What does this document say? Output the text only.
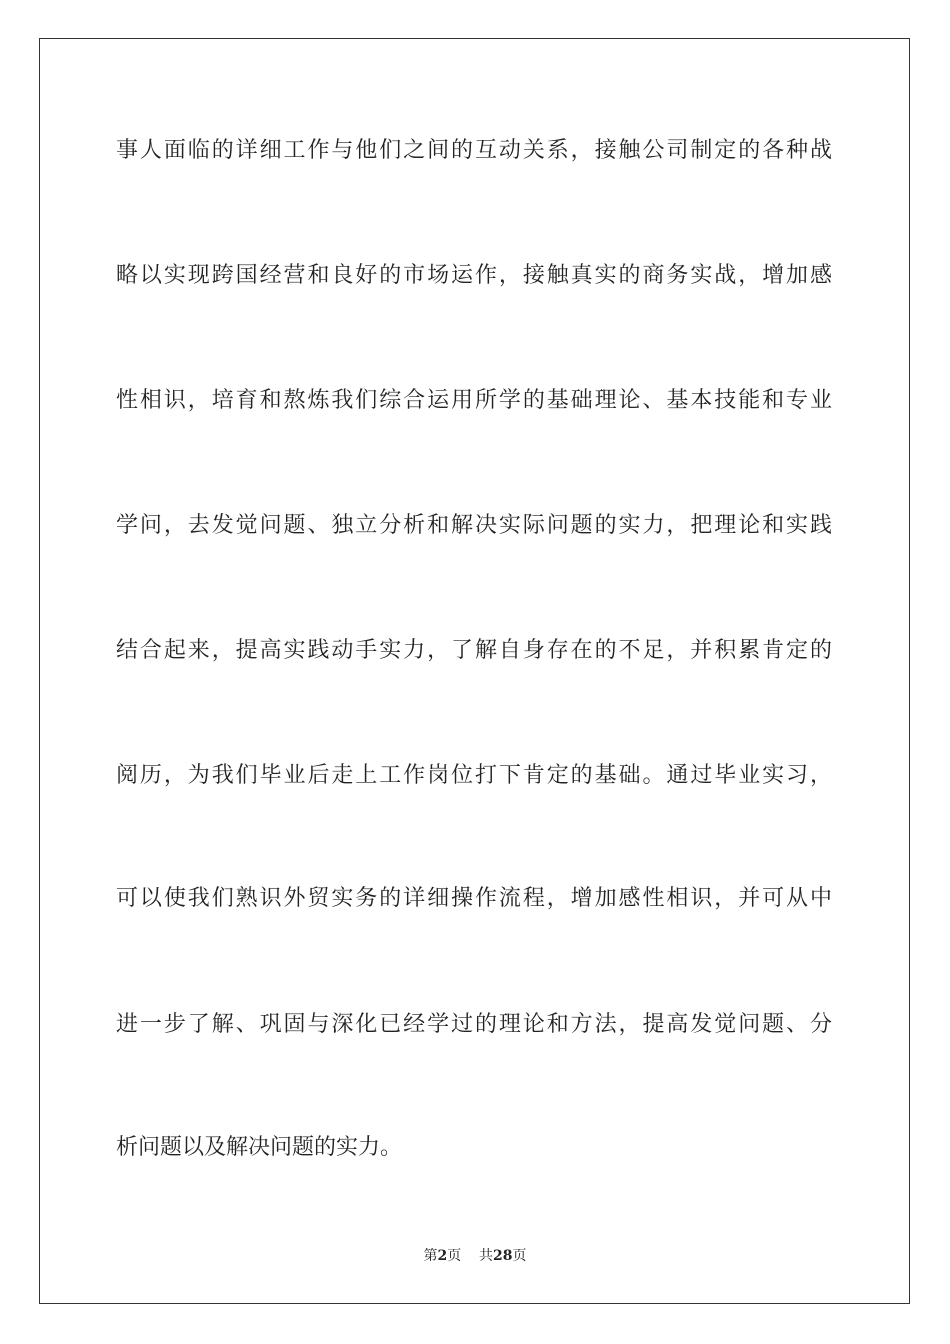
事人面临的详细工作与他们之间的互动关系，接触公司制定的各种战
略以实现跨国经营和良好的市场运作，接触真实的商务实战，增加感
性相识，培育和熬炼我们综合运用所学的基础理论、基本技能和专业
学问，去发觉问题、独立分析和解决实际问题的实力，把理论和实践
结合起来，提高实践动手实力，了解自身存在的不足，并积累肯定的
阅历，为我们毕业后走上工作岗位打下肯定的基础。通过毕业实习，
可以使我们熟识外贸实务的详细操作流程，增加感性相识，并可从中
进一步了解、巩固与深化已经学过的理论和方法，提高发觉问题、分
析问题以及解决问题的实力。
第2页 共28页
